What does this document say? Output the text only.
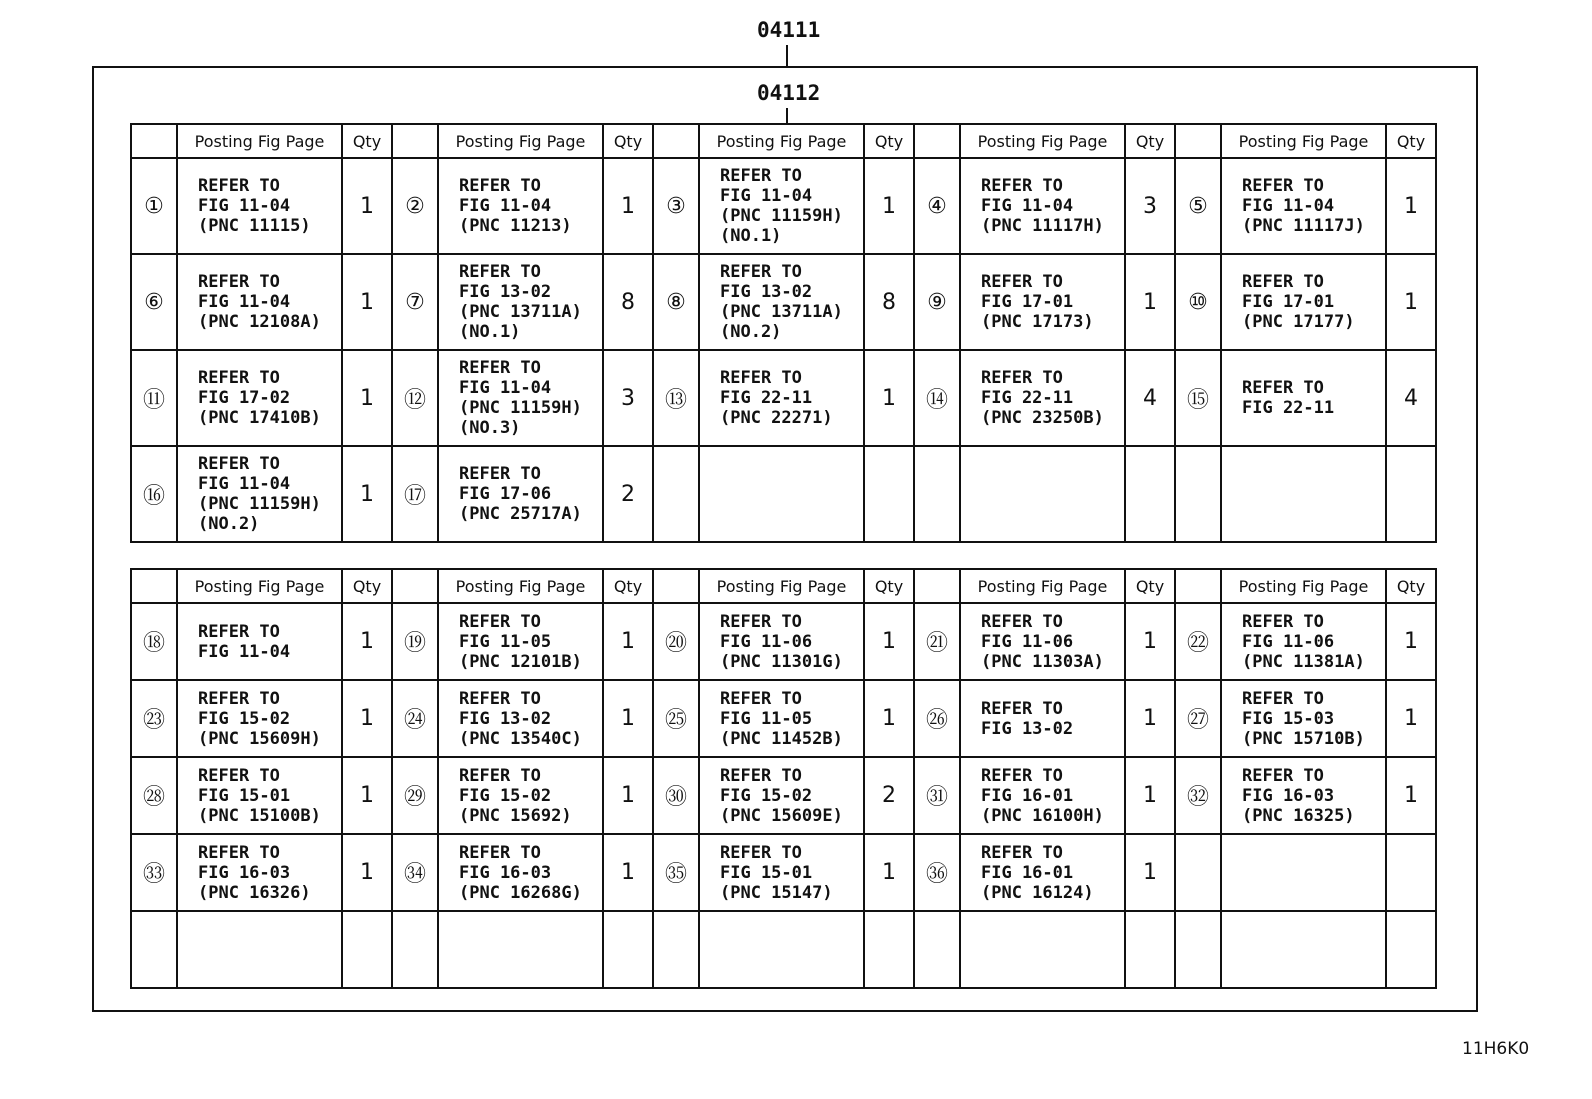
04111
04112
	Posting Fig Page	Qty		Posting Fig Page	Qty		Posting Fig Page	Qty		Posting Fig Page	Qty		Posting Fig Page	Qty
①	REFER TO
FIG 11-04
(PNC 11115)	1	②	REFER TO
FIG 11-04
(PNC 11213)	1	③	REFER TO
FIG 11-04
(PNC 11159H)
(NO.1)	1	④	REFER TO
FIG 11-04
(PNC 11117H)	3	⑤	REFER TO
FIG 11-04
(PNC 11117J)	1
⑥	REFER TO
FIG 11-04
(PNC 12108A)	1	⑦	REFER TO
FIG 13-02
(PNC 13711A)
(NO.1)	8	⑧	REFER TO
FIG 13-02
(PNC 13711A)
(NO.2)	8	⑨	REFER TO
FIG 17-01
(PNC 17173)	1	⑩	REFER TO
FIG 17-01
(PNC 17177)	1
⑪	REFER TO
FIG 17-02
(PNC 17410B)	1	⑫	REFER TO
FIG 11-04
(PNC 11159H)
(NO.3)	3	⑬	REFER TO
FIG 22-11
(PNC 22271)	1	⑭	REFER TO
FIG 22-11
(PNC 23250B)	4	⑮	REFER TO
FIG 22-11	4
⑯	REFER TO
FIG 11-04
(PNC 11159H)
(NO.2)	1	⑰	REFER TO
FIG 17-06
(PNC 25717A)	2									
	Posting Fig Page	Qty		Posting Fig Page	Qty		Posting Fig Page	Qty		Posting Fig Page	Qty		Posting Fig Page	Qty
⑱	REFER TO
FIG 11-04	1	⑲	REFER TO
FIG 11-05
(PNC 12101B)	1	⑳	REFER TO
FIG 11-06
(PNC 11301G)	1	㉑	REFER TO
FIG 11-06
(PNC 11303A)	1	㉒	REFER TO
FIG 11-06
(PNC 11381A)	1
㉓	REFER TO
FIG 15-02
(PNC 15609H)	1	㉔	REFER TO
FIG 13-02
(PNC 13540C)	1	㉕	REFER TO
FIG 11-05
(PNC 11452B)	1	㉖	REFER TO
FIG 13-02	1	㉗	REFER TO
FIG 15-03
(PNC 15710B)	1
㉘	REFER TO
FIG 15-01
(PNC 15100B)	1	㉙	REFER TO
FIG 15-02
(PNC 15692)	1	㉚	REFER TO
FIG 15-02
(PNC 15609E)	2	㉛	REFER TO
FIG 16-01
(PNC 16100H)	1	㉜	REFER TO
FIG 16-03
(PNC 16325)	1
㉝	REFER TO
FIG 16-03
(PNC 16326)	1	㉞	REFER TO
FIG 16-03
(PNC 16268G)	1	㉟	REFER TO
FIG 15-01
(PNC 15147)	1	㊱	REFER TO
FIG 16-01
(PNC 16124)	1			

11H6K0
